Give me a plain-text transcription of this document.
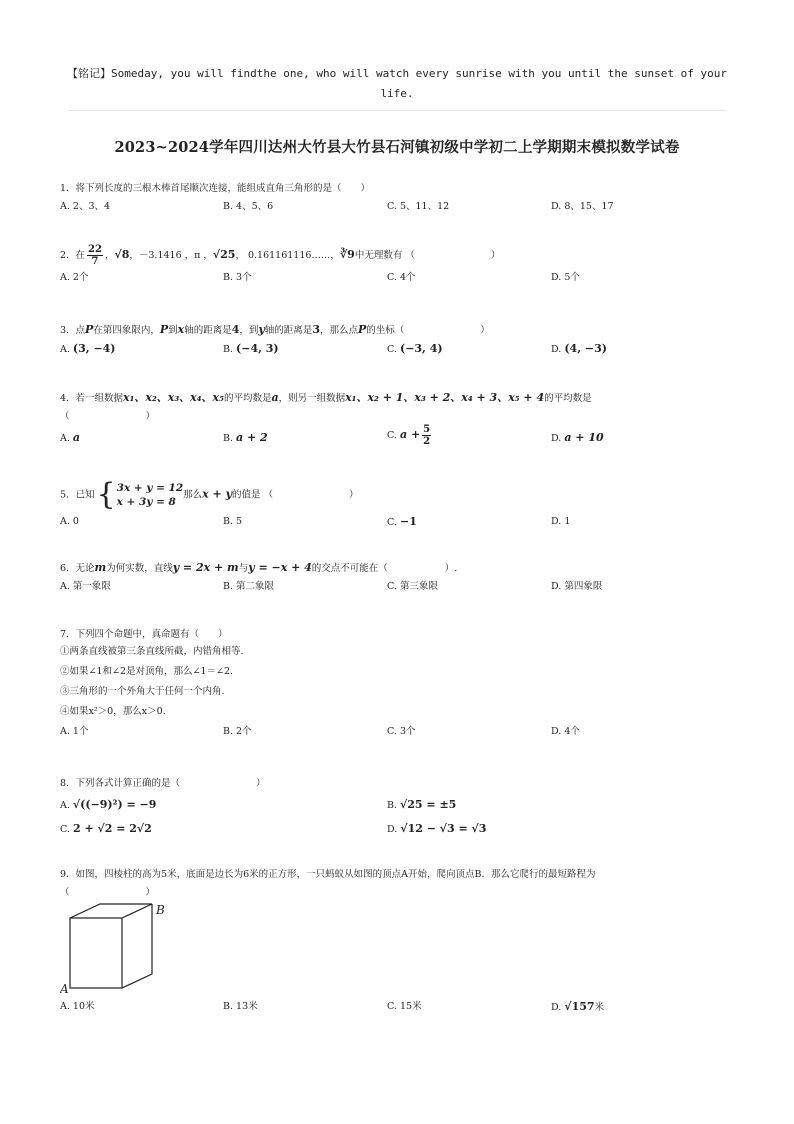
【铭记】Someday, you will findthe one, who will watch every sunrise with you until the sunset of your life.
2023~2024学年四川达州大竹县大竹县石河镇初级中学初二上学期期末模拟数学试卷
1．将下列长度的三根木棒首尾顺次连接，能组成直角三角形的是（　　）
A. 2、3、4	B. 4、5、6	C. 5、11、12	D. 8、15、17
2．在 $\frac{22}{7}$ ，√8，－3.1416 ，π ，√25， 0.161161116……，∛9中无理数有 （　　　　　　　　）
A. 2个	B. 3个	C. 4个	D. 5个
3．点P在第四象限内，P到x轴的距离是4，到y轴的距离是3，那么点P的坐标（　　　　　　　　）
A. (3, −4)	B. (−4, 3)	C. (−3, 4)	D. (4, −3)
4．若一组数据x₁、x₂、x₃、x₄、x₅的平均数是a，则另一组数据x₁、x₂ + 1、x₃ + 2、x₄ + 3、x₅ + 4的平均数是
（　　　　　　　　）
A. a	B. a + 2	C. $a + \frac{5}{2}$	D. a + 10
5．已知 { 3x + y = 12
x + 3y = 8
那么x + y的值是 （　　　　　　　　）
A. 0	B. 5	C. −1	D. 1
6．无论m为何实数，直线y = 2x + m与y = −x + 4的交点不可能在（　　　　　　）.
A. 第一象限	B. 第二象限	C. 第三象限	D. 第四象限
7．下列四个命题中，真命题有（　　）
①两条直线被第三条直线所截，内错角相等.
②如果∠1和∠2是对顶角，那么∠1＝∠2.
③三角形的一个外角大于任何一个内角.
④如果x²＞0，那么x＞0.
A. 1个	B. 2个	C. 3个	D. 4个
8．下列各式计算正确的是（　　　　　　　　）
A. √((−9)²) = −9	B. √25 = ±5
C. 2 + √2 = 2√2	D. √12 − √3 = √3
9．如图，四棱柱的高为5米，底面是边长为6米的正方形，一只蚂蚁从如图的顶点A开始，爬向顶点B．那么它爬行的最短路程为
（　　　　　　　　）
B
A
A. 10米	B. 13米	C. 15米	D. √157米
